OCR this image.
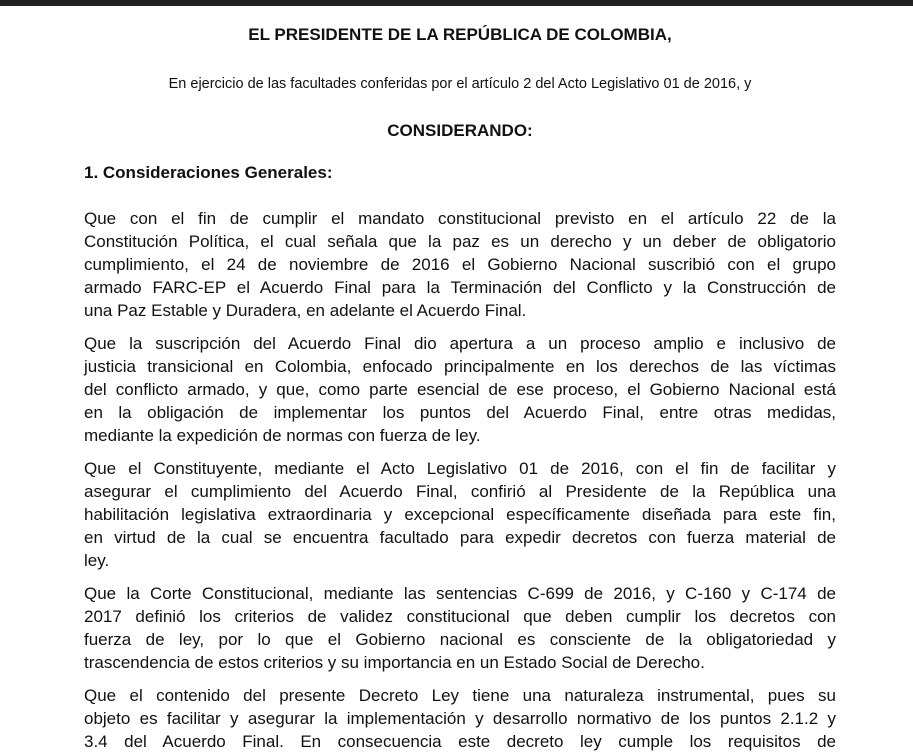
EL PRESIDENTE DE LA REPÚBLICA DE COLOMBIA,
En ejercicio de las facultades conferidas por el artículo 2 del Acto Legislativo 01 de 2016, y
CONSIDERANDO:
1. Consideraciones Generales:
Que con el fin de cumplir el mandato constitucional previsto en el artículo 22 de la
Constitución Política, el cual señala que la paz es un derecho y un deber de obligatorio
cumplimiento, el 24 de noviembre de 2016 el Gobierno Nacional suscribió con el grupo
armado FARC-EP el Acuerdo Final para la Terminación del Conflicto y la Construcción de
una Paz Estable y Duradera, en adelante el Acuerdo Final.
Que la suscripción del Acuerdo Final dio apertura a un proceso amplio e inclusivo de
justicia transicional en Colombia, enfocado principalmente en los derechos de las víctimas
del conflicto armado, y que, como parte esencial de ese proceso, el Gobierno Nacional está
en la obligación de implementar los puntos del Acuerdo Final, entre otras medidas,
mediante la expedición de normas con fuerza de ley.
Que el Constituyente, mediante el Acto Legislativo 01 de 2016, con el fin de facilitar y
asegurar el cumplimiento del Acuerdo Final, confirió al Presidente de la República una
habilitación legislativa extraordinaria y excepcional específicamente diseñada para este fin,
en virtud de la cual se encuentra facultado para expedir decretos con fuerza material de
ley.
Que la Corte Constitucional, mediante las sentencias C-699 de 2016, y C-160 y C-174 de
2017 definió los criterios de validez constitucional que deben cumplir los decretos con
fuerza de ley, por lo que el Gobierno nacional es consciente de la obligatoriedad y
trascendencia de estos criterios y su importancia en un Estado Social de Derecho.
Que el contenido del presente Decreto Ley tiene una naturaleza instrumental, pues su
objeto es facilitar y asegurar la implementación y desarrollo normativo de los puntos 2.1.2 y
3.4 del Acuerdo Final. En consecuencia este decreto ley cumple los requisitos de
